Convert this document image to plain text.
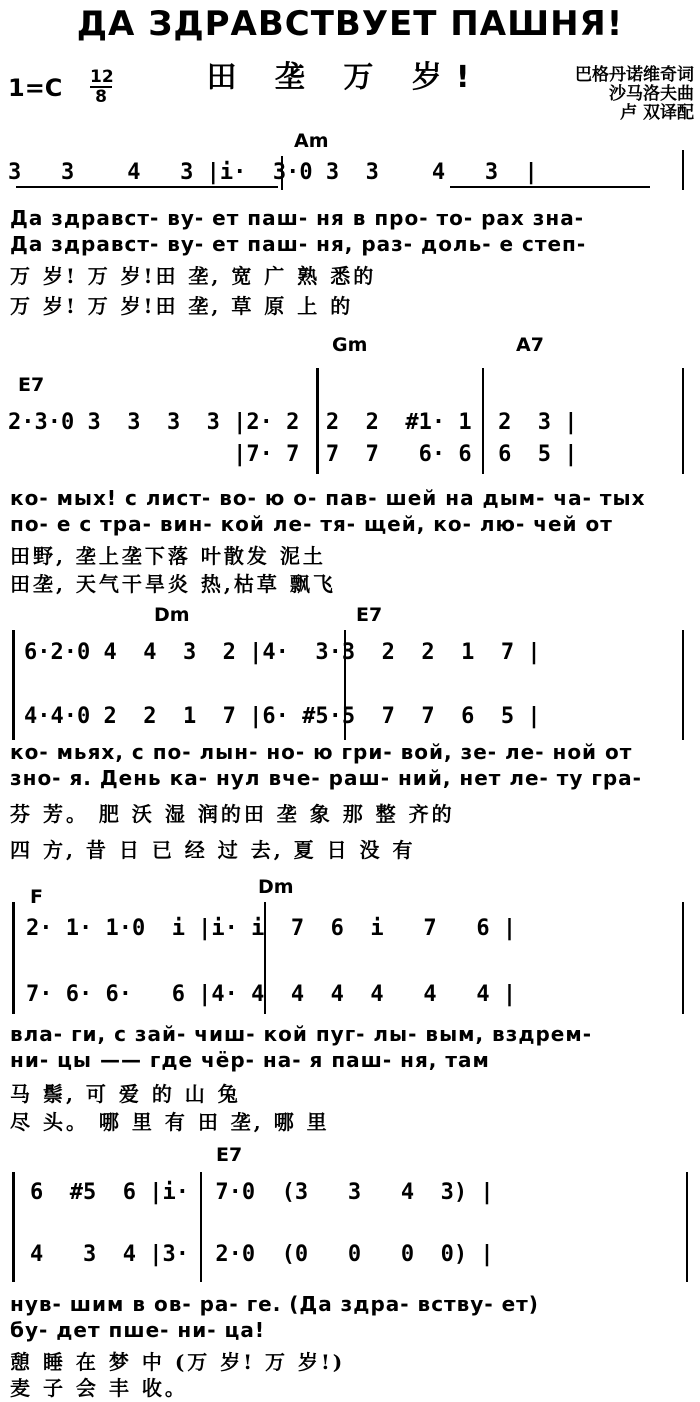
ДА ЗДРАВСТВУЕТ ПАШНЯ!
田 垄 万 岁!
1=C 12
8
巴格丹诺维奇词
沙马洛夫曲
卢 双译配
Am
3   3    4   3 |i·  3·0 3  3    4   3  |
Да здравст- ву- ет паш- ня в про- то- рах зна-
Да здравст- ву- ет паш- ня, раз- доль- е степ-
万 岁! 万 岁!田 垄, 宽 广 熟 悉的
万 岁! 万 岁!田 垄, 草 原 上 的
E7
Gm	A7
2·3·0 3  3  3  3 |2· 2  2  2  #1· 1  2  3 |
|7· 7  7  7   6· 6  6  5 |
ко- мых! с лист- во- ю о- пав- шей на дым- ча- тых
по- е с тра- вин- кой ле- тя- щей, ко- лю- чей от
田野, 垄上垄下落 叶散发 泥土
田垄, 天气干旱炎 热,枯草 飘飞
Dm	E7
6·2·0 4  4  3  2 |4·  3·3  2  2  1  7 |
4·4·0 2  2  1  7 |6· #5·5  7  7  6  5 |
ко- мьях, с по- лын- но- ю гри- вой, зе- ле- ной от
зно- я. День ка- нул вче- раш- ний, нет ле- ту гра-
芬 芳。 肥 沃 湿 润的田 垄 象 那 整 齐的
四 方, 昔 日 已 经 过 去, 夏 日 没 有
F	Dm
2· 1· 1·0  i |i· i  7  6  i   7   6 |
7· 6· 6·   6 |4· 4  4  4  4   4   4 |
вла- ги, с зай- чиш- кой пуг- лы- вым, вздрем-
ни- цы —— где чёр- на- я паш- ня, там
马 鬃, 可 爱 的 山 兔
尽 头。 哪 里 有 田 垄, 哪 里
E7
6  #5  6 |i·  7·0  (3   3   4  3) |
4   3  4 |3·  2·0  (0   0   0  0) |
нув- шим в ов- ра- ге. (Да здра- вству- ет)
бу- дет пше- ни- ца!
憩 睡 在 梦 中 (万 岁! 万 岁!)
麦 子 会 丰 收。
